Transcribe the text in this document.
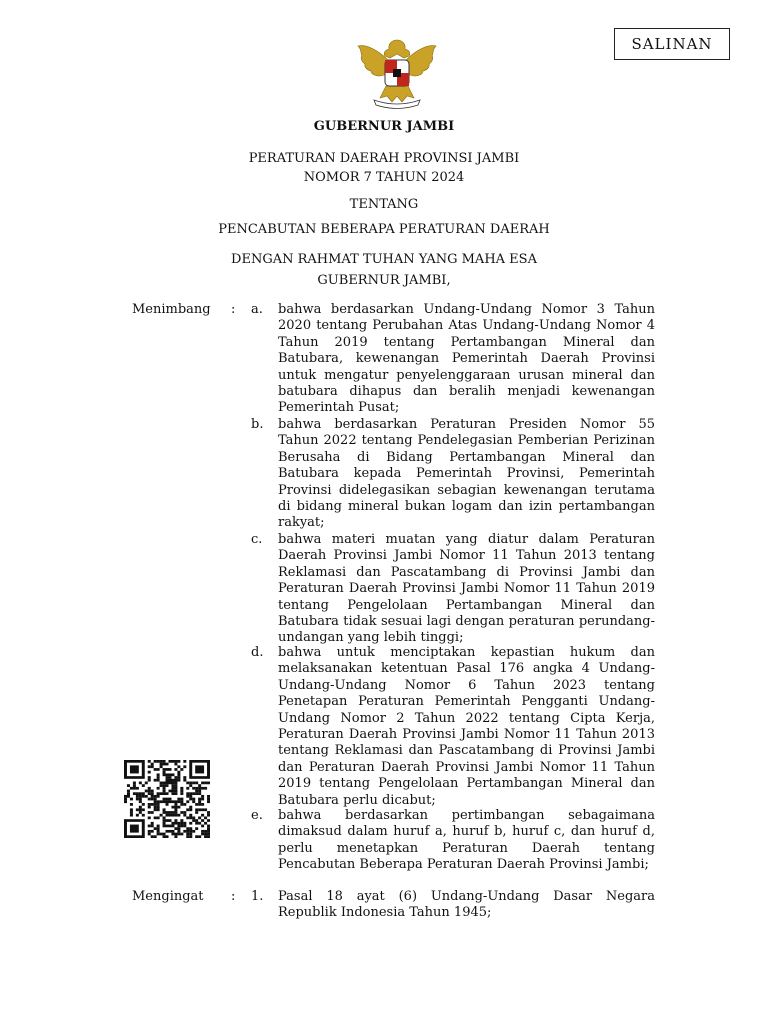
SALINAN
GUBERNUR JAMBI
PERATURAN DAERAH PROVINSI JAMBI
NOMOR 7 TAHUN 2024
TENTANG
PENCABUTAN BEBERAPA PERATURAN DAERAH
DENGAN RAHMAT TUHAN YANG MAHA ESA
GUBERNUR JAMBI,
Menimbang : a. bahwa berdasarkan Undang-Undang Nomor 3 Tahun 2020 tentang Perubahan Atas Undang-Undang Nomor 4 Tahun 2019 tentang Pertambangan Mineral dan Batubara, kewenangan Pemerintah Daerah Provinsi untuk mengatur penyelenggaraan urusan mineral dan batubara dihapus dan beralih menjadi kewenangan Pemerintah Pusat;
b. bahwa berdasarkan Peraturan Presiden Nomor 55 Tahun 2022 tentang Pendelegasian Pemberian Perizinan Berusaha di Bidang Pertambangan Mineral dan Batubara kepada Pemerintah Provinsi, Pemerintah Provinsi didelegasikan sebagian kewenangan terutama di bidang mineral bukan logam dan izin pertambangan rakyat;
c. bahwa materi muatan yang diatur dalam Peraturan Daerah Provinsi Jambi Nomor 11 Tahun 2013 tentang Reklamasi dan Pascatambang di Provinsi Jambi dan Peraturan Daerah Provinsi Jambi Nomor 11 Tahun 2019 tentang Pengelolaan Pertambangan Mineral dan Batubara tidak sesuai lagi dengan peraturan perundang-undangan yang lebih tinggi;
d. bahwa untuk menciptakan kepastian hukum dan melaksanakan ketentuan Pasal 176 angka 4 Undang-Undang-Undang Nomor 6 Tahun 2023 tentang Penetapan Peraturan Pemerintah Pengganti Undang-Undang Nomor 2 Tahun 2022 tentang Cipta Kerja, Peraturan Daerah Provinsi Jambi Nomor 11 Tahun 2013 tentang Reklamasi dan Pascatambang di Provinsi Jambi dan Peraturan Daerah Provinsi Jambi Nomor 11 Tahun 2019 tentang Pengelolaan Pertambangan Mineral dan Batubara perlu dicabut;
e. bahwa berdasarkan pertimbangan sebagaimana dimaksud dalam huruf a, huruf b, huruf c, dan huruf d, perlu menetapkan Peraturan Daerah tentang Pencabutan Beberapa Peraturan Daerah Provinsi Jambi;
Mengingat : 1. Pasal 18 ayat (6) Undang-Undang Dasar Negara Republik Indonesia Tahun 1945;
